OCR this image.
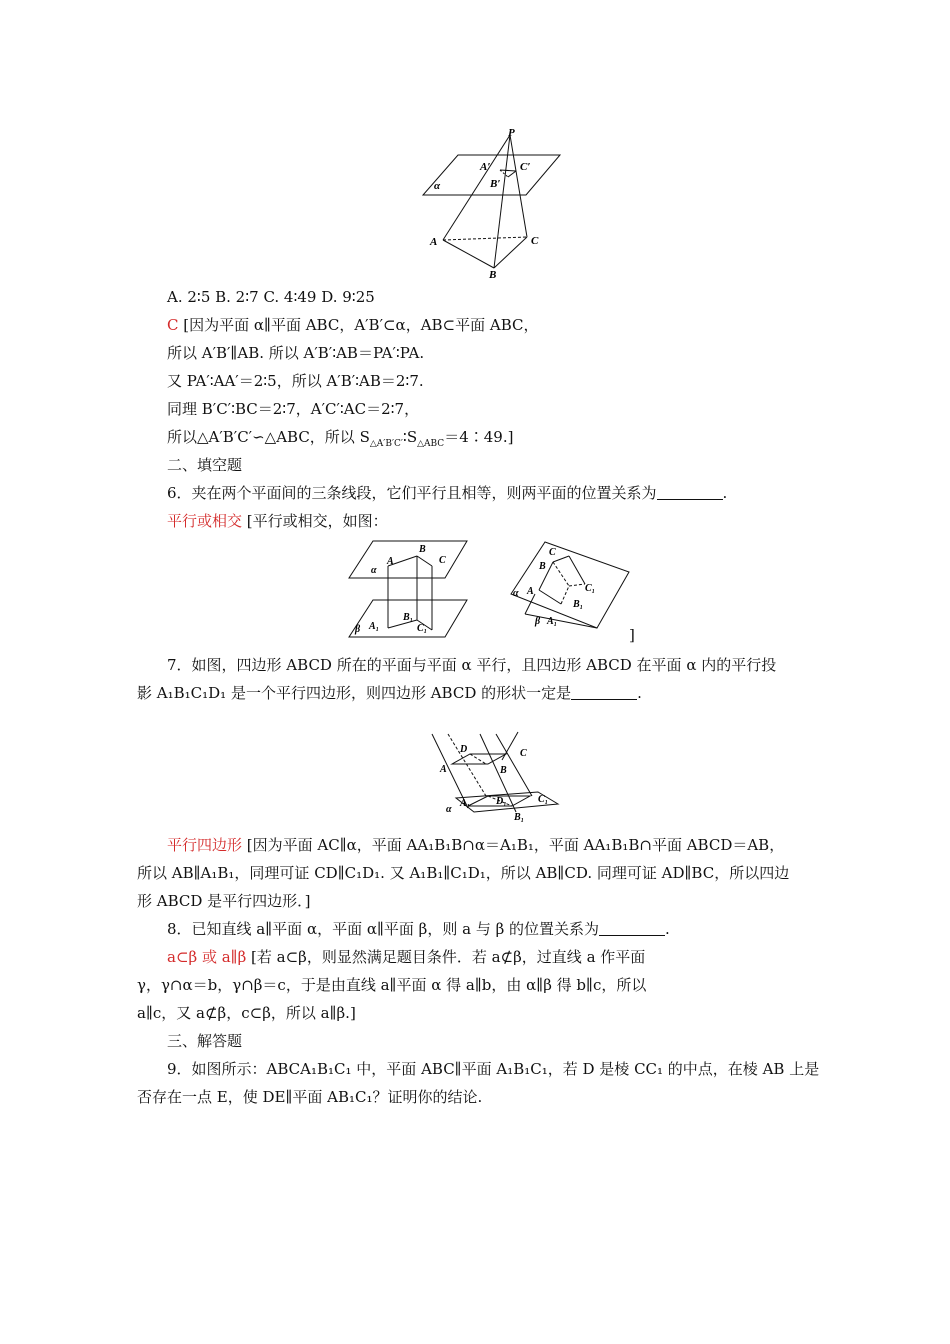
P
A′	C′
B′
α
A	C
B
A. 2∶5 B. 2∶7 C. 4∶49 D. 9∶25
C [因为平面 α∥平面 ABC，A′B′⊂α，AB⊂平面 ABC，
所以 A′B′∥AB. 所以 A′B′∶AB＝PA′∶PA.
又 PA′∶AA′＝2∶5，所以 A′B′∶AB＝2∶7.
同理 B′C′∶BC＝2∶7，A′C′∶AC＝2∶7，
所以△A′B′C′∽△ABC，所以 $S_{\triangle A'B'C'}∶S_{\triangle ABC}=4∶49$.]
二、填空题
6．夹在两个平面间的三条线段，它们平行且相等，则两平面的位置关系为	.
平行或相交 [平行或相交，如图：
B
C
A
α
β A₁
B₁
C₁
C
B
C₁
A
α
B₁
β A₁
]
7．如图，四边形 ABCD 所在的平面与平面 α 平行，且四边形 ABCD 在平面 α 内的平行投
影 A₁B₁C₁D₁ 是一个平行四边形，则四边形 ABCD 的形状一定是	.
D	C
A	B
D₁	C₁
α
A₁
B₁
平行四边形 [因为平面 AC∥α，平面 AA₁B₁B∩α＝A₁B₁，平面 AA₁B₁B∩平面 ABCD＝AB，
所以 AB∥A₁B₁，同理可证 CD∥C₁D₁. 又 A₁B₁∥C₁D₁，所以 AB∥CD. 同理可证 AD∥BC，所以四边
形 ABCD 是平行四边形．]
8．已知直线 a∥平面 α，平面 α∥平面 β，则 a 与 β 的位置关系为	.
a⊂β 或 a∥β [若 a⊂β，则显然满足题目条件．若 a⊄β，过直线 a 作平面
γ，γ∩α＝b，γ∩β＝c，于是由直线 a∥平面 α 得 a∥b，由 α∥β 得 b∥c，所以
a∥c，又 a⊄β，c⊂β，所以 a∥β.]
三、解答题
9．如图所示：ABCA₁B₁C₁ 中，平面 ABC∥平面 A₁B₁C₁，若 D 是棱 CC₁ 的中点，在棱 AB 上是
否存在一点 E，使 DE∥平面 AB₁C₁？证明你的结论.
